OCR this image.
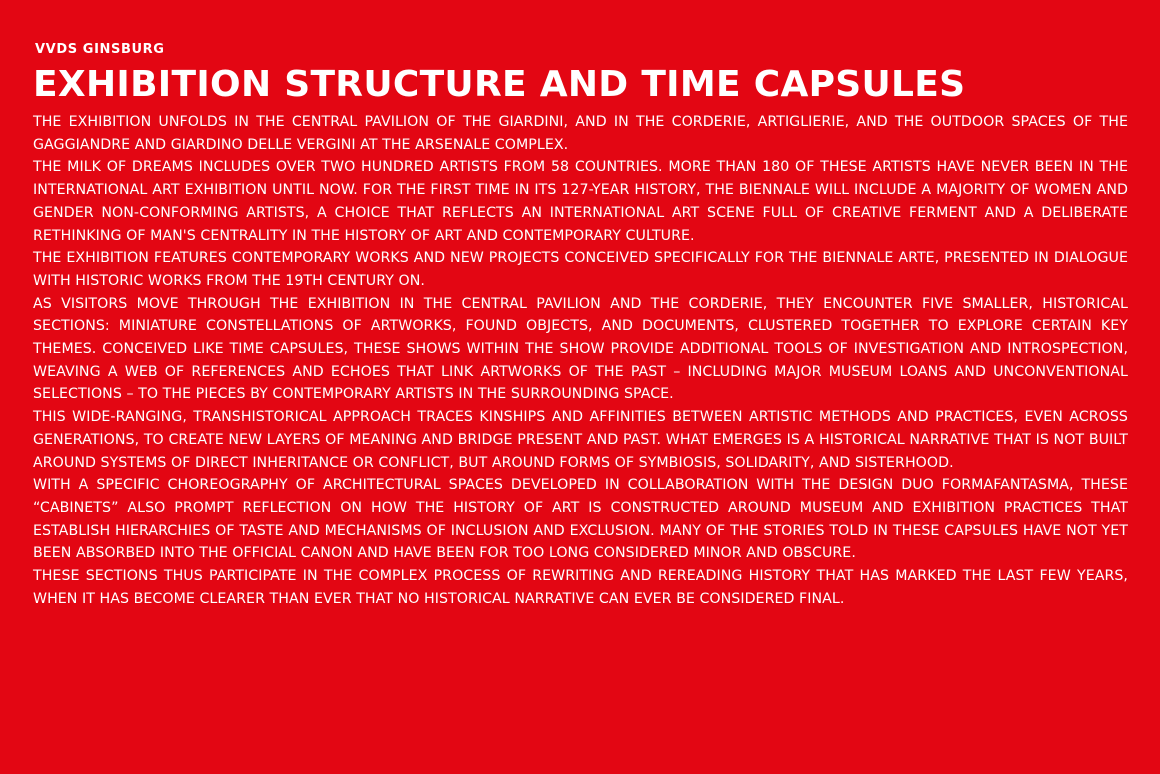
VVDS GINSBURG
EXHIBITION STRUCTURE AND TIME CAPSULES

THE EXHIBITION UNFOLDS IN THE CENTRAL PAVILION OF THE GIARDINI, AND IN THE CORDERIE, ARTIGLIERIE, AND THE OUTDOOR SPACES OF THE GAGGIANDRE AND GIARDINO DELLE VERGINI AT THE ARSENALE COMPLEX.

THE MILK OF DREAMS INCLUDES OVER TWO HUNDRED ARTISTS FROM 58 COUNTRIES. MORE THAN 180 OF THESE ARTISTS HAVE NEVER BEEN IN THE INTERNATIONAL ART EXHIBITION UNTIL NOW. FOR THE FIRST TIME IN ITS 127-YEAR HISTORY, THE BIENNALE WILL INCLUDE A MAJORITY OF WOMEN AND GENDER NON-CONFORMING ARTISTS, A CHOICE THAT REFLECTS AN INTERNATIONAL ART SCENE FULL OF CREATIVE FERMENT AND A DELIBERATE RETHINKING OF MAN'S CENTRALITY IN THE HISTORY OF ART AND CONTEMPORARY CULTURE.

THE EXHIBITION FEATURES CONTEMPORARY WORKS AND NEW PROJECTS CONCEIVED SPECIFICALLY FOR THE BIENNALE ARTE, PRESENTED IN DIALOGUE WITH HISTORIC WORKS FROM THE 19TH CENTURY ON.

AS VISITORS MOVE THROUGH THE EXHIBITION IN THE CENTRAL PAVILION AND THE CORDERIE, THEY ENCOUNTER FIVE SMALLER, HISTORICAL SECTIONS: MINIATURE CONSTELLATIONS OF ARTWORKS, FOUND OBJECTS, AND DOCUMENTS, CLUSTERED TOGETHER TO EXPLORE CERTAIN KEY THEMES. CONCEIVED LIKE TIME CAPSULES, THESE SHOWS WITHIN THE SHOW PROVIDE ADDITIONAL TOOLS OF INVESTIGATION AND INTROSPECTION, WEAVING A WEB OF REFERENCES AND ECHOES THAT LINK ARTWORKS OF THE PAST – INCLUDING MAJOR MUSEUM LOANS AND UNCONVENTIONAL SELECTIONS – TO THE PIECES BY CONTEMPORARY ARTISTS IN THE SURROUNDING SPACE.

THIS WIDE-RANGING, TRANSHISTORICAL APPROACH TRACES KINSHIPS AND AFFINITIES BETWEEN ARTISTIC METHODS AND PRACTICES, EVEN ACROSS GENERATIONS, TO CREATE NEW LAYERS OF MEANING AND BRIDGE PRESENT AND PAST. WHAT EMERGES IS A HISTORICAL NARRATIVE THAT IS NOT BUILT AROUND SYSTEMS OF DIRECT INHERITANCE OR CONFLICT, BUT AROUND FORMS OF SYMBIOSIS, SOLIDARITY, AND SISTERHOOD.

WITH A SPECIFIC CHOREOGRAPHY OF ARCHITECTURAL SPACES DEVELOPED IN COLLABORATION WITH THE DESIGN DUO FORMAFANTASMA, THESE “CABINETS” ALSO PROMPT REFLECTION ON HOW THE HISTORY OF ART IS CONSTRUCTED AROUND MUSEUM AND EXHIBITION PRACTICES THAT ESTABLISH HIERARCHIES OF TASTE AND MECHANISMS OF INCLUSION AND EXCLUSION. MANY OF THE STORIES TOLD IN THESE CAPSULES HAVE NOT YET BEEN ABSORBED INTO THE OFFICIAL CANON AND HAVE BEEN FOR TOO LONG CONSIDERED MINOR AND OBSCURE.

THESE SECTIONS THUS PARTICIPATE IN THE COMPLEX PROCESS OF REWRITING AND REREADING HISTORY THAT HAS MARKED THE LAST FEW YEARS, WHEN IT HAS BECOME CLEARER THAN EVER THAT NO HISTORICAL NARRATIVE CAN EVER BE CONSIDERED FINAL.
